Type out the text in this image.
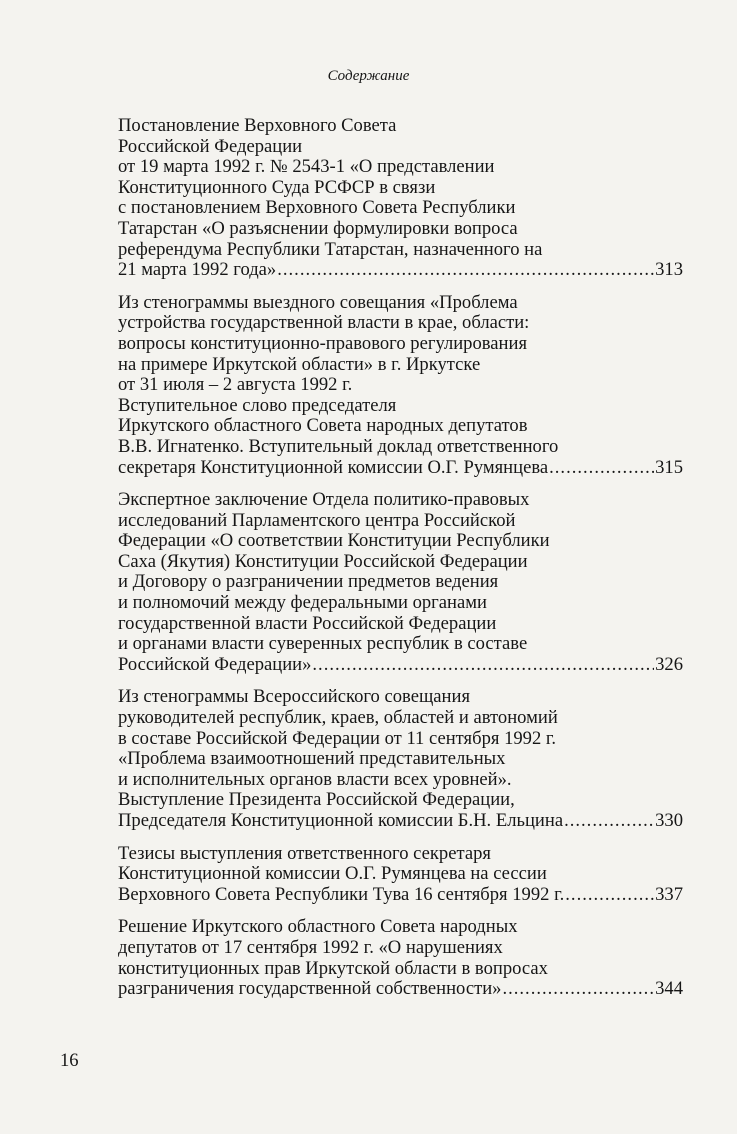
Содержание
Постановление Верховного Совета
Российской Федерации
от 19 марта 1992 г. № 2543-1 «О представлении
Конституционного Суда РСФСР в связи
с постановлением Верховного Совета Республики
Татарстан «О разъяснении формулировки вопроса
референдума Республики Татарстан, назначенного на
21 марта 1992 года» .....	313
Из стенограммы выездного совещания «Проблема
устройства государственной власти в крае, области:
вопросы конституционно-правового регулирования
на примере Иркутской области» в г. Иркутске
от 31 июля – 2 августа 1992 г.
Вступительное слово председателя
Иркутского областного Совета народных депутатов
В.В. Игнатенко. Вступительный доклад ответственного
секретаря Конституционной комиссии О.Г. Румянцева .....	315
Экспертное заключение Отдела политико-правовых
исследований Парламентского центра Российской
Федерации «О соответствии Конституции Республики
Саха (Якутия) Конституции Российской Федерации
и Договору о разграничении предметов ведения
и полномочий между федеральными органами
государственной власти Российской Федерации
и органами власти суверенных республик в составе
Российской Федерации» .....	326
Из стенограммы Всероссийского совещания
руководителей республик, краев, областей и автономий
в составе Российской Федерации от 11 сентября 1992 г.
«Проблема взаимоотношений представительных
и исполнительных органов власти всех уровней».
Выступление Президента Российской Федерации,
Председателя Конституционной комиссии Б.Н. Ельцина .....	330
Тезисы выступления ответственного секретаря
Конституционной комиссии О.Г. Румянцева на сессии
Верховного Совета Республики Тува 16 сентября 1992 г. .....	337
Решение Иркутского областного Совета народных
депутатов от 17 сентября 1992 г. «О нарушениях
конституционных прав Иркутской области в вопросах
разграничения государственной собственности» .....	344
16
